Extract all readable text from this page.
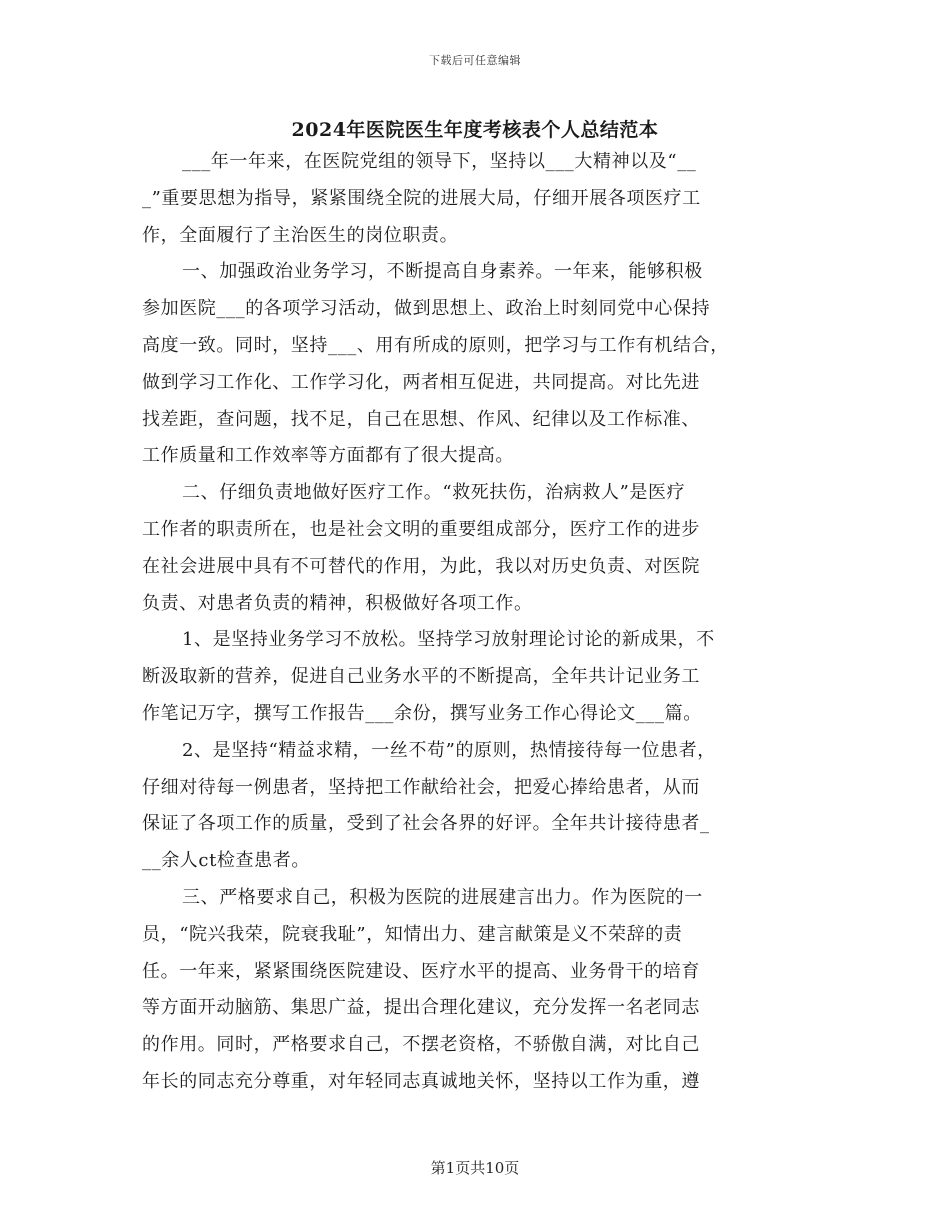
下载后可任意编辑
2024年医院医生年度考核表个人总结范本
___年一年来，在医院党组的领导下，坚持以___大精神以及“__
_”重要思想为指导，紧紧围绕全院的进展大局，仔细开展各项医疗工
作，全面履行了主治医生的岗位职责。
一、加强政治业务学习，不断提高自身素养。一年来，能够积极
参加医院___的各项学习活动，做到思想上、政治上时刻同党中心保持
高度一致。同时，坚持___、用有所成的原则，把学习与工作有机结合，
做到学习工作化、工作学习化，两者相互促进，共同提高。对比先进
找差距，查问题，找不足，自己在思想、作风、纪律以及工作标准、
工作质量和工作效率等方面都有了很大提高。
二、仔细负责地做好医疗工作。“救死扶伤，治病救人”是医疗
工作者的职责所在，也是社会文明的重要组成部分，医疗工作的进步
在社会进展中具有不可替代的作用，为此，我以对历史负责、对医院
负责、对患者负责的精神，积极做好各项工作。
1、是坚持业务学习不放松。坚持学习放射理论讨论的新成果，不
断汲取新的营养，促进自己业务水平的不断提高，全年共计记业务工
作笔记万字，撰写工作报告___余份，撰写业务工作心得论文___篇。
2、是坚持“精益求精，一丝不苟”的原则，热情接待每一位患者，
仔细对待每一例患者，坚持把工作献给社会，把爱心捧给患者，从而
保证了各项工作的质量，受到了社会各界的好评。全年共计接待患者_
__余人ct检查患者。
三、严格要求自己，积极为医院的进展建言出力。作为医院的一
员，“院兴我荣，院衰我耻”，知情出力、建言献策是义不荣辞的责
任。一年来，紧紧围绕医院建设、医疗水平的提高、业务骨干的培育
等方面开动脑筋、集思广益，提出合理化建议，充分发挥一名老同志
的作用。同时，严格要求自己，不摆老资格，不骄傲自满，对比自己
年长的同志充分尊重，对年轻同志真诚地关怀，坚持以工作为重，遵
第1页共10页
